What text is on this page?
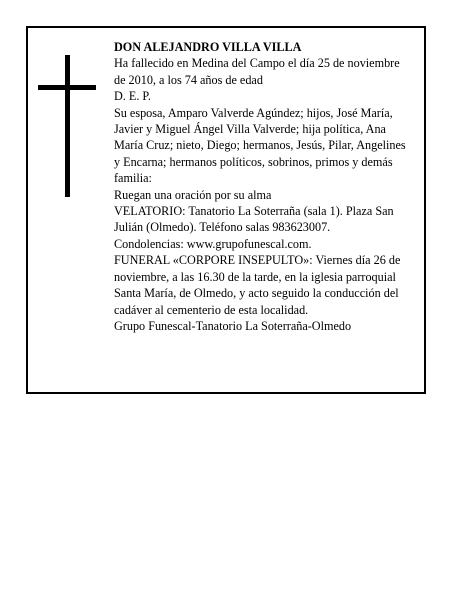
DON ALEJANDRO VILLA VILLA

Ha fallecido en Medina del Campo el día 25 de noviembre de 2010, a los 74 años de edad

D. E. P.

Su esposa, Amparo Valverde Agúndez; hijos, José María, Javier y Miguel Ángel Villa Valverde; hija política, Ana María Cruz; nieto, Diego; hermanos, Jesús, Pilar, Angelines y Encarna; hermanos políticos, sobrinos, primos y demás familia:

Ruegan una oración por su alma

VELATORIO: Tanatorio La Soterraña (sala 1). Plaza San Julián (Olmedo). Teléfono salas 983623007.

Condolencias: www.grupofunescal.com.

FUNERAL «CORPORE INSEPULTO»: Viernes día 26 de noviembre, a las 16.30 de la tarde, en la iglesia parroquial Santa María, de Olmedo, y acto seguido la conducción del cadáver al cementerio de esta localidad.

Grupo Funescal-Tanatorio La Soterraña-Olmedo
